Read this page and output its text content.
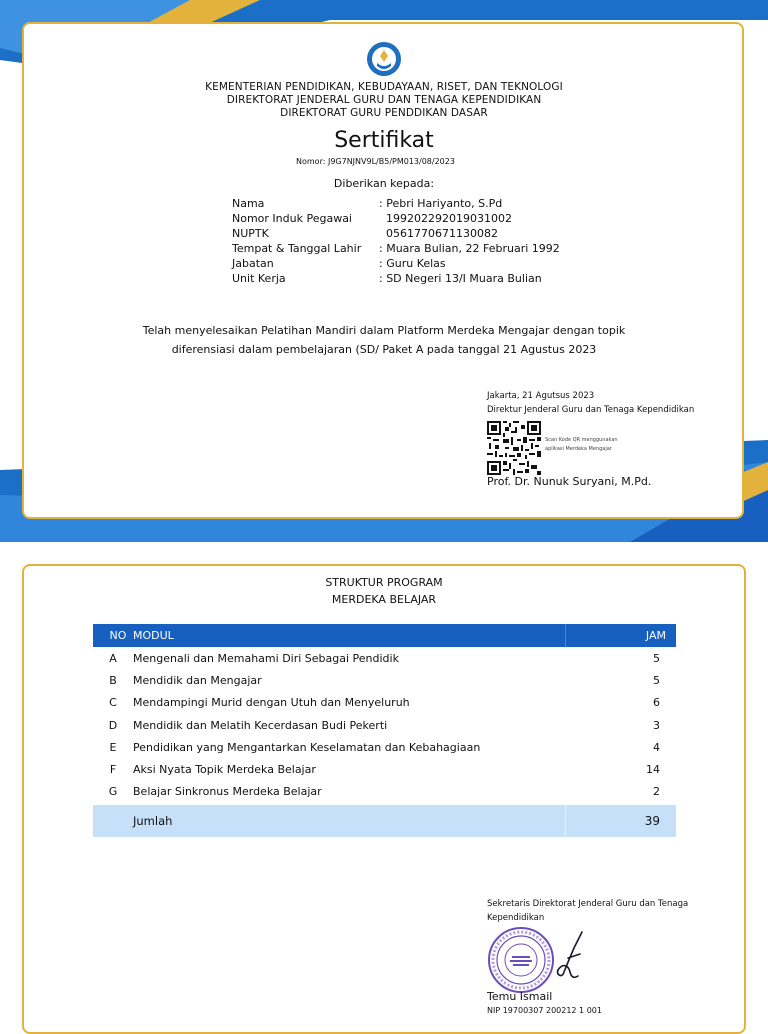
KEMENTERIAN PENDIDIKAN, KEBUDAYAAN, RISET, DAN TEKNOLOGI
DIREKTORAT JENDERAL GURU DAN TENAGA KEPENDIDIKAN
DIREKTORAT GURU PENDDIKAN DASAR
Sertifikat
Nomor: J9G7NJNV9L/B5/PM013/08/2023
Diberikan kepada:
Nama	: Pebri Hariyanto, S.Pd
Nomor Induk Pegawai	199202292019031002
NUPTK	0561770671130082
Tempat & Tanggal Lahir	: Muara Bulian, 22 Februari 1992
Jabatan	: Guru Kelas
Unit Kerja	: SD Negeri 13/I Muara Bulian
Telah menyelesaikan Pelatihan Mandiri dalam Platform Merdeka Mengajar dengan topik
diferensiasi dalam pembelajaran (SD/ Paket A pada tanggal 21 Agustus 2023
Jakarta, 21 Agutsus 2023
Direktur Jenderal Guru dan Tenaga Kependidikan
Scan Kode QR menggunakan
aplikasi Merdeka Mengajar
Prof. Dr. Nunuk Suryani, M.Pd.
STRUKTUR PROGRAM
MERDEKA BELAJAR
NO MODUL	JAM
A	Mengenali dan Memahami Diri Sebagai Pendidik	5
B	Mendidik dan Mengajar	5
C	Mendampingi Murid dengan Utuh dan Menyeluruh	6
D	Mendidik dan Melatih Kecerdasan Budi Pekerti	3
E	Pendidikan yang Mengantarkan Keselamatan dan Kebahagiaan	4
F	Aksi Nyata Topik Merdeka Belajar	14
G	Belajar Sinkronus Merdeka Belajar	2
Jumlah	39
Sekretaris Direktorat Jenderal Guru dan Tenaga Kependidikan
Temu Ismail
NIP 19700307 200212 1 001
